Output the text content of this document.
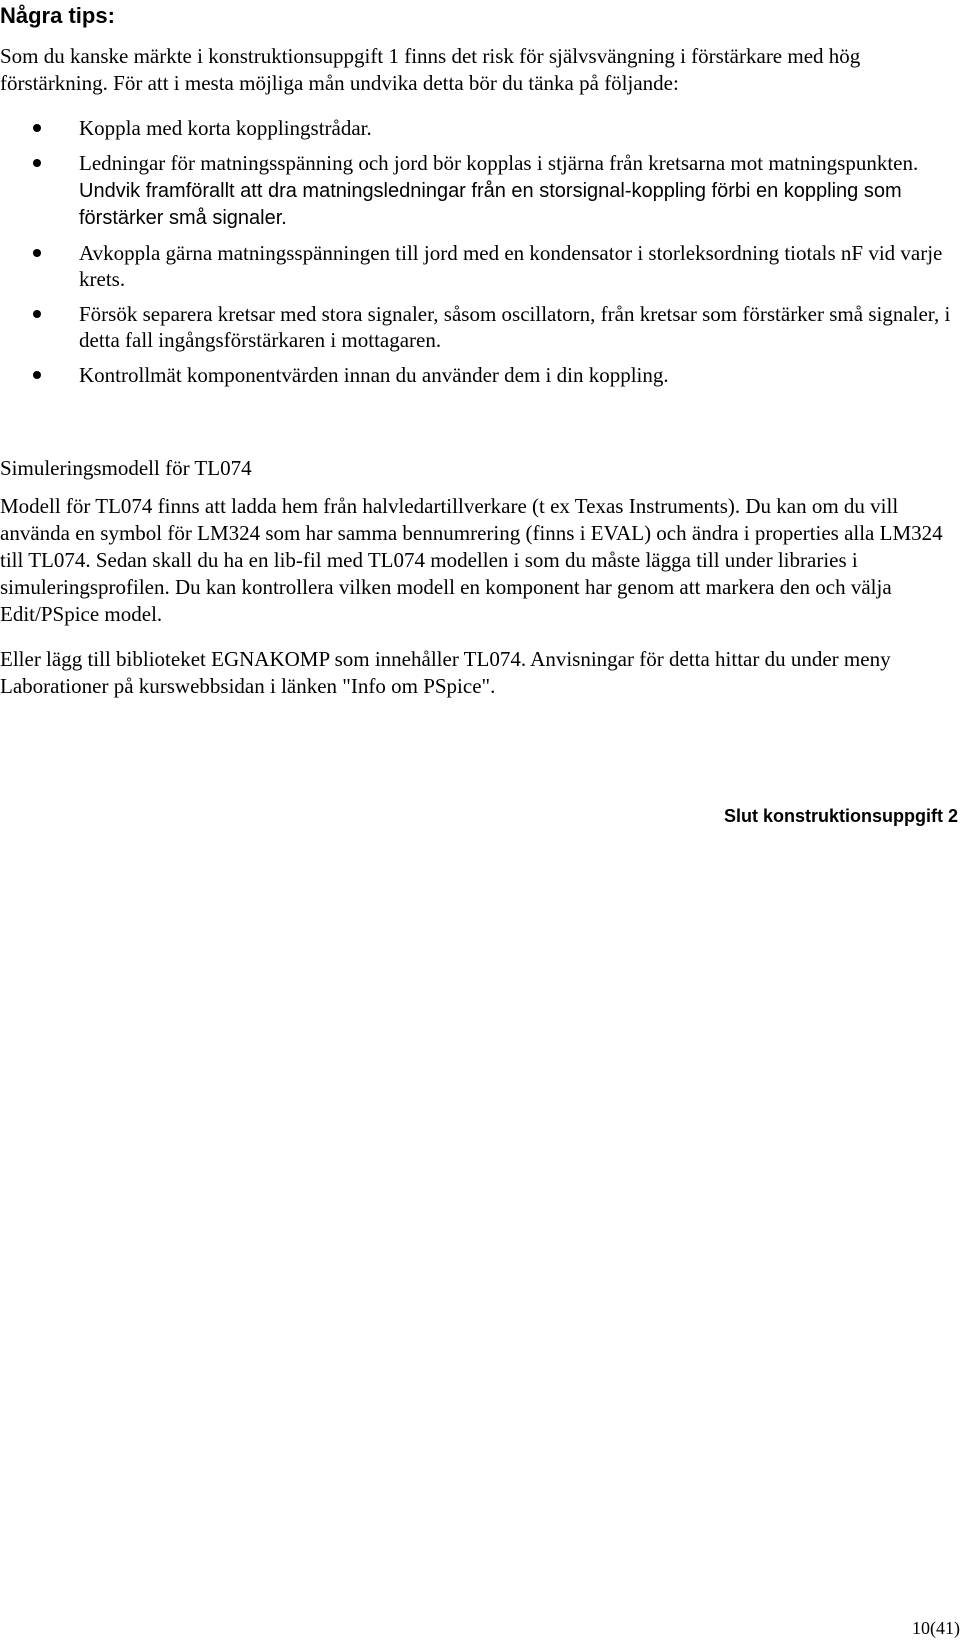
Några tips:

Som du kanske märkte i konstruktionsuppgift 1 finns det risk för självsvängning i förstärkare med hög förstärkning. För att i mesta möjliga mån undvika detta bör du tänka på följande:

Koppla med korta kopplingstrådar.
Ledningar för matningsspänning och jord bör kopplas i stjärna från kretsarna mot matningspunkten. Undvik framförallt att dra matningsledningar från en storsignal-koppling förbi en koppling som förstärker små signaler.
Avkoppla gärna matningsspänningen till jord med en kondensator i storleksordning tiotals nF vid varje krets.
Försök separera kretsar med stora signaler, såsom oscillatorn, från kretsar som förstärker små signaler, i detta fall ingångsförstärkaren i mottagaren.
Kontrollmät komponentvärden innan du använder dem i din koppling.
Simuleringsmodell för TL074

Modell för TL074 finns att ladda hem från halvledartillverkare (t ex Texas Instruments). Du kan om du vill använda en symbol för LM324 som har samma bennumrering (finns i EVAL) och ändra i properties alla LM324 till TL074. Sedan skall du ha en lib-fil med TL074 modellen i som du måste lägga till under libraries i simuleringsprofilen. Du kan kontrollera vilken modell en komponent har genom att markera den och välja Edit/PSpice model.

Eller lägg till biblioteket EGNAKOMP som innehåller TL074. Anvisningar för detta hittar du under meny Laborationer på kurswebbsidan i länken "Info om PSpice".

Slut konstruktionsuppgift 2

10(41)
